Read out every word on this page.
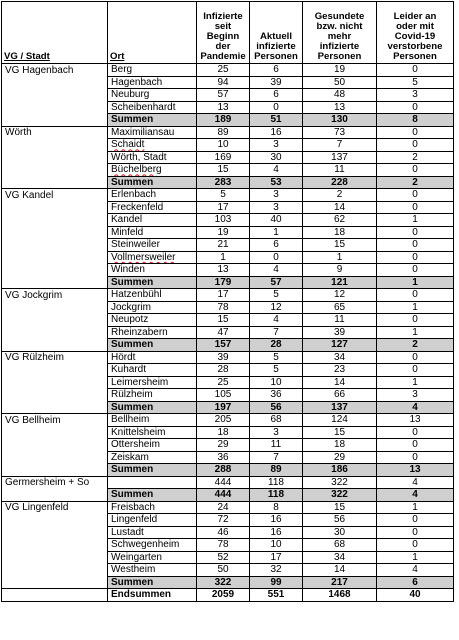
VG / Stadt	Ort	Infizierte
seit
Beginn
der
Pandemie	Aktuell
infizierte
Personen	Gesundete
bzw. nicht
mehr
infizierte
Personen	Leider an
oder mit
Covid-19
verstorbene
Personen

VG Hagenbach	Berg	25	6	19	0
	Hagenbach	94	39	50	5
	Neuburg	57	6	48	3
	Scheibenhardt	13	0	13	0
	Summen	189	51	130	8
Wörth	Maximiliansau	89	16	73	0
	Schaidt	10	3	7	0
	Wörth, Stadt	169	30	137	2
	Büchelberg	15	4	11	0
	Summen	283	53	228	2
VG Kandel	Erlenbach	5	3	2	0
	Freckenfeld	17	3	14	0
	Kandel	103	40	62	1
	Minfeld	19	1	18	0
	Steinweiler	21	6	15	0
	Vollmersweiler	1	0	1	0
	Winden	13	4	9	0
	Summen	179	57	121	1
VG Jockgrim	Hatzenbühl	17	5	12	0
	Jockgrim	78	12	65	1
	Neupotz	15	4	11	0
	Rheinzabern	47	7	39	1
	Summen	157	28	127	2
VG Rülzheim	Hördt	39	5	34	0
	Kuhardt	28	5	23	0
	Leimersheim	25	10	14	1
	Rülzheim	105	36	66	3
	Summen	197	56	137	4
VG Bellheim	Bellheim	205	68	124	13
	Knittelsheim	18	3	15	0
	Ottersheim	29	11	18	0
	Zeiskam	36	7	29	0
	Summen	288	89	186	13
Germersheim + So		444	118	322	4
	Summen	444	118	322	4
VG Lingenfeld	Freisbach	24	8	15	1
	Lingenfeld	72	16	56	0
	Lustadt	46	16	30	0
	Schwegenheim	78	10	68	0
	Weingarten	52	17	34	1
	Westheim	50	32	14	4
	Summen	322	99	217	6
	Endsummen	2059	551	1468	40
